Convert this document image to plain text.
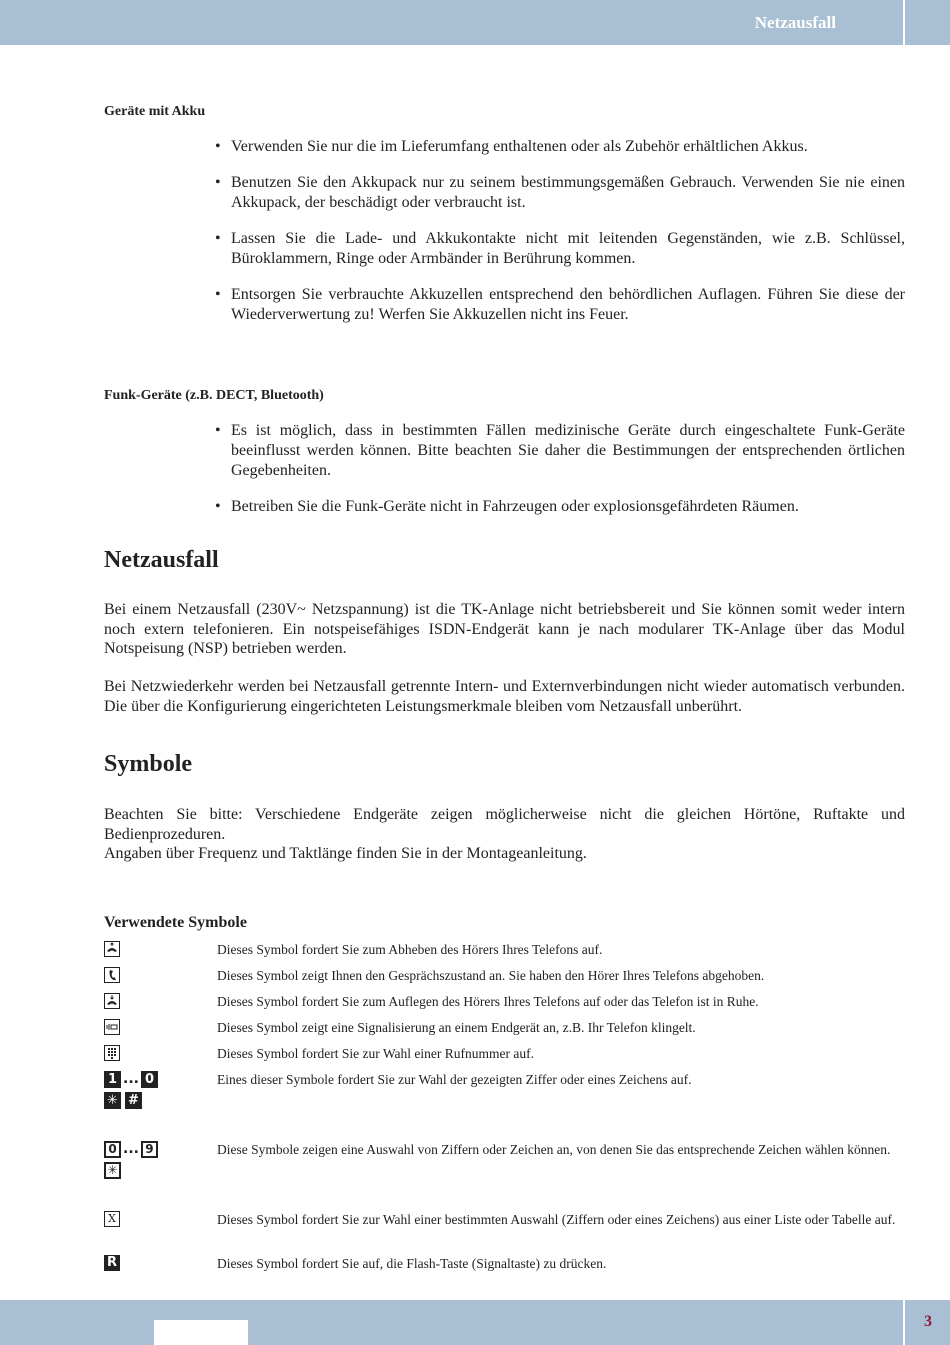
Netzausfall
Geräte mit Akku
• Verwenden Sie nur die im Lieferumfang enthaltenen oder als Zubehör erhältlichen Akkus.
• Benutzen Sie den Akkupack nur zu seinem bestimmungsgemäßen Gebrauch. Verwenden Sie nie einen Akkupack, der beschädigt oder verbraucht ist.
• Lassen Sie die Lade- und Akkukontakte nicht mit leitenden Gegenständen, wie z.B. Schlüssel, Büroklammern, Ringe oder Armbänder in Berührung kommen.
• Entsorgen Sie verbrauchte Akkuzellen entsprechend den behördlichen Auflagen. Führen Sie diese der Wiederverwertung zu! Werfen Sie Akkuzellen nicht ins Feuer.
Funk-Geräte (z.B. DECT, Bluetooth)
• Es ist möglich, dass in bestimmten Fällen medizinische Geräte durch eingeschaltete Funk-Geräte beeinflusst werden können. Bitte beachten Sie daher die Bestimmungen der entsprechenden örtlichen Gegebenheiten.
• Betreiben Sie die Funk-Geräte nicht in Fahrzeugen oder explosionsgefährdeten Räumen.
Netzausfall

Bei einem Netzausfall (230V~ Netzspannung) ist die TK-Anlage nicht betriebsbereit und Sie können somit weder intern noch extern telefonieren. Ein notspeisefähiges ISDN-Endgerät kann je nach modularer TK-Anlage über das Modul Notspeisung (NSP) betrieben werden.

Bei Netzwiederkehr werden bei Netzausfall getrennte Intern- und Externverbindungen nicht wieder automatisch verbunden. Die über die Konfigurierung eingerichteten Leistungsmerkmale bleiben vom Netzausfall unberührt.

Symbole

Beachten Sie bitte: Verschiedene Endgeräte zeigen möglicherweise nicht die gleichen Hörtöne, Ruftakte und Bedienprozeduren.

Angaben über Frequenz und Taktlänge finden Sie in der Montageanleitung.

Verwendete Symbole
Dieses Symbol fordert Sie zum Abheben des Hörers Ihres Telefons auf.
Dieses Symbol zeigt Ihnen den Gesprächszustand an. Sie haben den Hörer Ihres Telefons abgehoben.
Dieses Symbol fordert Sie zum Auflegen des Hörers Ihres Telefons auf oder das Telefon ist in Ruhe.
Dieses Symbol zeigt eine Signalisierung an einem Endgerät an, z.B. Ihr Telefon klingelt.
Dieses Symbol fordert Sie zur Wahl einer Rufnummer auf.
1 ... 0
✳ #
Eines dieser Symbole fordert Sie zur Wahl der gezeigten Ziffer oder eines Zeichens auf.
0 ... 9
✳
Diese Symbole zeigen eine Auswahl von Ziffern oder Zeichen an, von denen Sie das entsprechende Zeichen wählen können.
X	Dieses Symbol fordert Sie zur Wahl einer bestimmten Auswahl (Ziffern oder eines Zeichens) aus einer Liste oder Tabelle auf.
R	Dieses Symbol fordert Sie auf, die Flash-Taste (Signaltaste) zu drücken.
3
